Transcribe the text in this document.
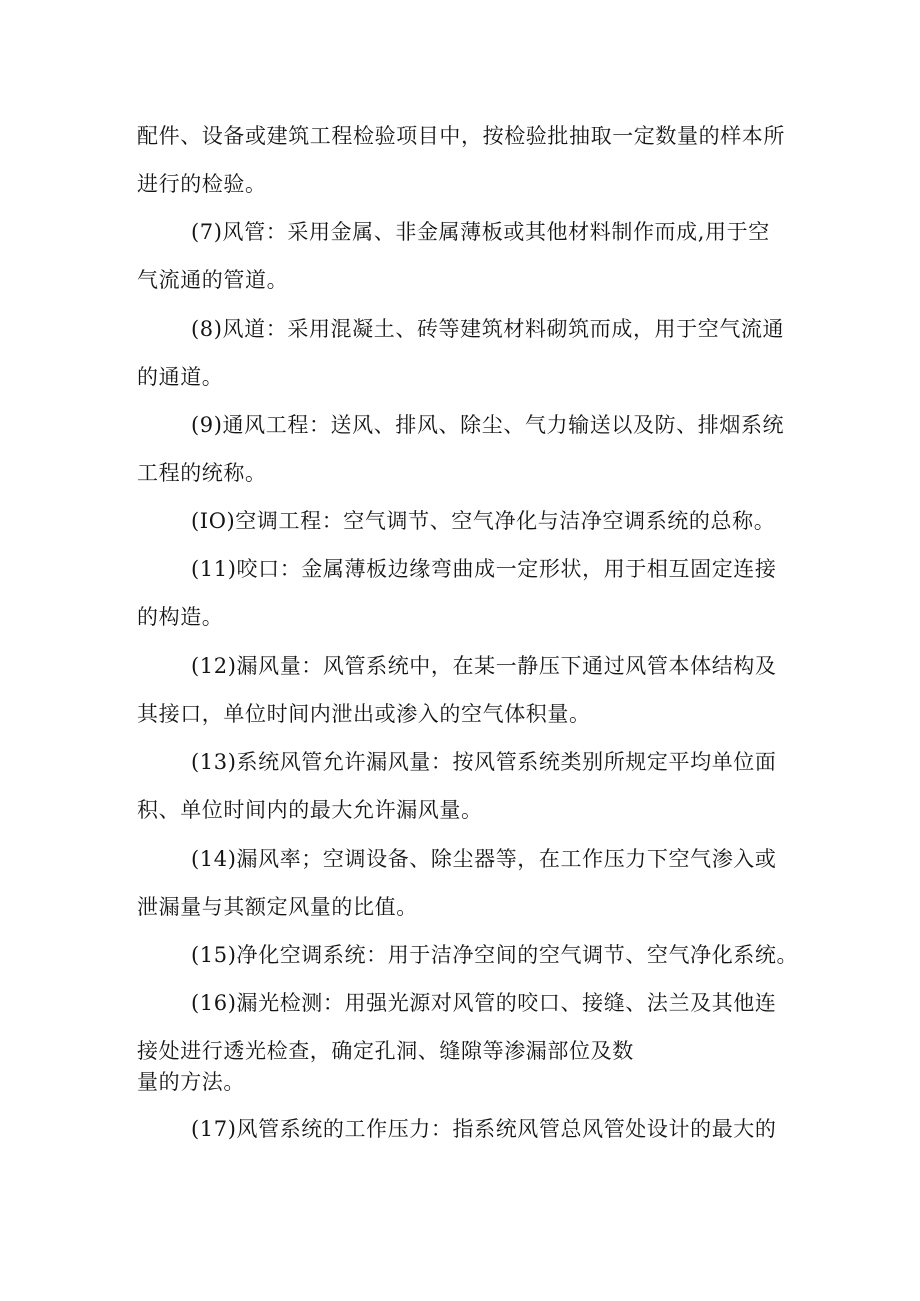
配件、设备或建筑工程检验项目中，按检验批抽取一定数量的样本所
进行的检验。
(7)风管：采用金属、非金属薄板或其他材料制作而成,用于空
气流通的管道。
(8)风道：采用混凝土、砖等建筑材料砌筑而成，用于空气流通
的通道。
(9)通风工程：送风、排风、除尘、气力输送以及防、排烟系统
工程的统称。
(IO)空调工程：空气调节、空气净化与洁净空调系统的总称。
(11)咬口：金属薄板边缘弯曲成一定形状，用于相互固定连接
的构造。
(12)漏风量：风管系统中，在某一静压下通过风管本体结构及
其接口，单位时间内泄出或渗入的空气体积量。
(13)系统风管允许漏风量：按风管系统类别所规定平均单位面
积、单位时间内的最大允许漏风量。
(14)漏风率；空调设备、除尘器等，在工作压力下空气渗入或
泄漏量与其额定风量的比值。
(15)净化空调系统：用于洁净空间的空气调节、空气净化系统。
(16)漏光检测：用强光源对风管的咬口、接缝、法兰及其他连
接处进行透光检查，确定孔洞、缝隙等渗漏部位及数
量的方法。
(17)风管系统的工作压力：指系统风管总风管处设计的最大的
